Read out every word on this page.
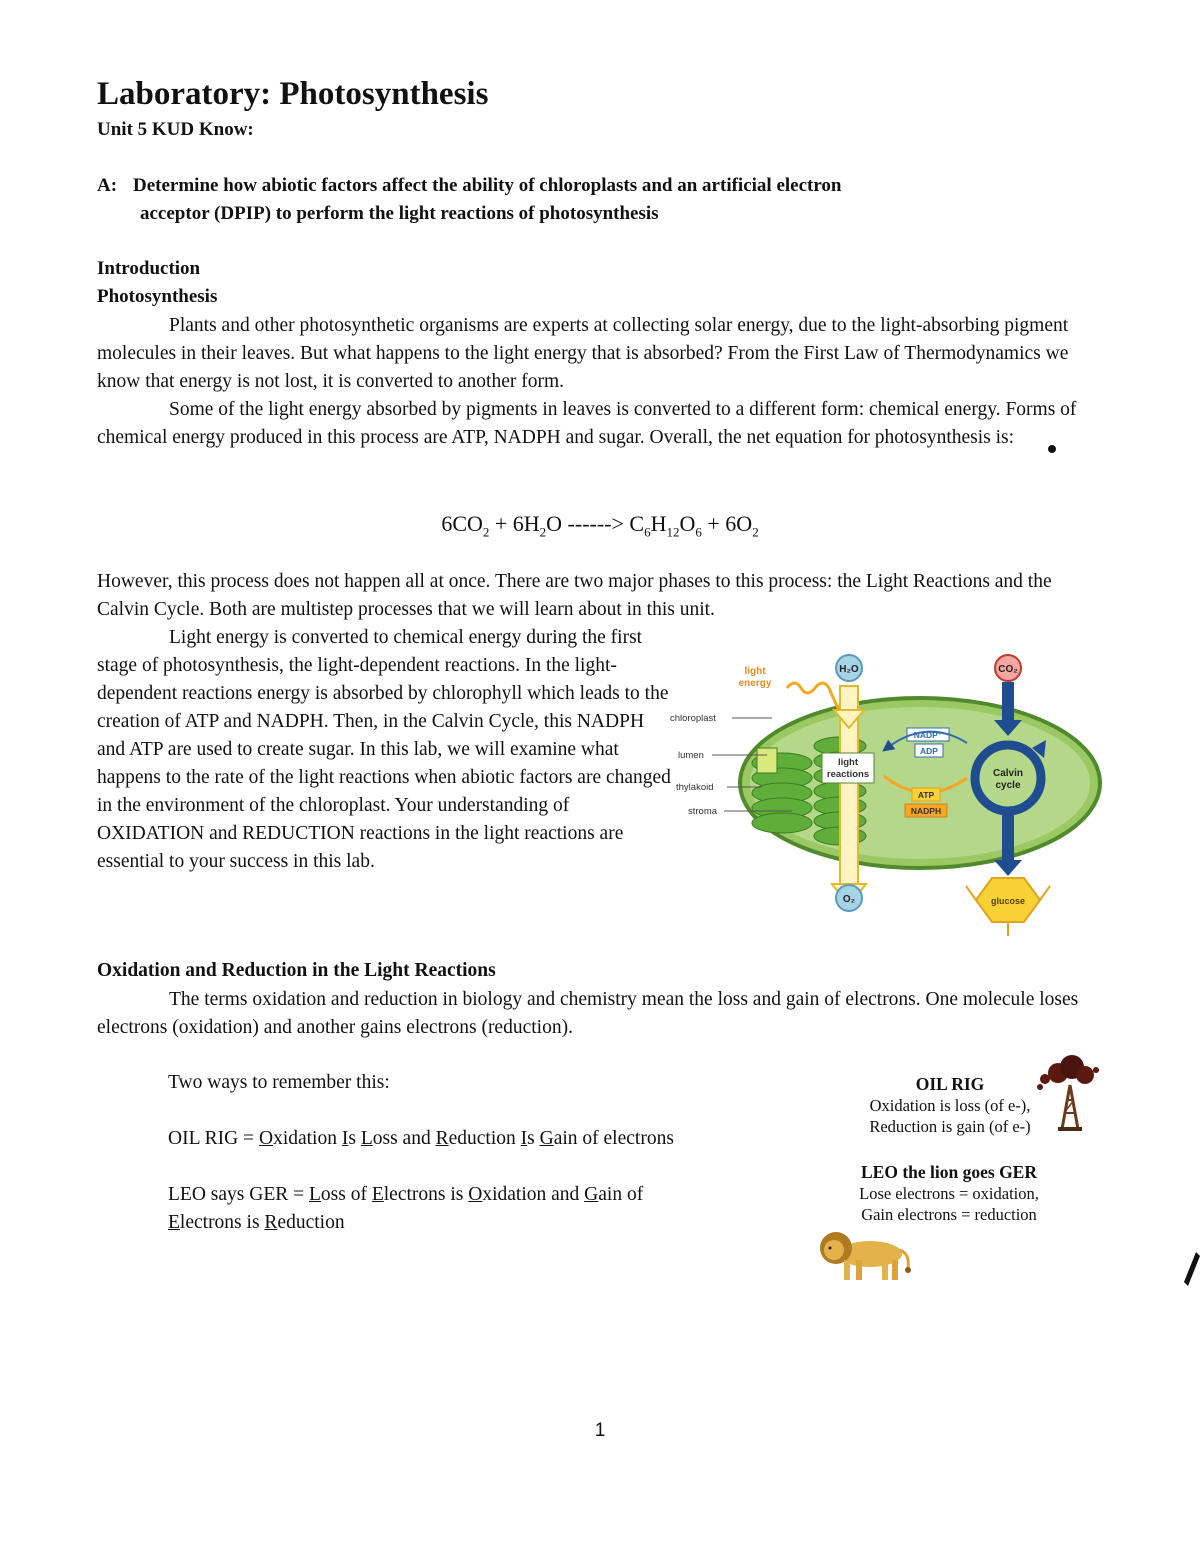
Laboratory: Photosynthesis
Unit 5 KUD Know:
A: Determine how abiotic factors affect the ability of chloroplasts and an artificial electron
acceptor (DPIP) to perform the light reactions of photosynthesis
Introduction
Photosynthesis

Plants and other photosynthetic organisms are experts at collecting solar energy, due to the light-absorbing pigment molecules in their leaves. But what happens to the light energy that is absorbed? From the First Law of Thermodynamics we know that energy is not lost, it is converted to another form.

Some of the light energy absorbed by pigments in leaves is converted to a different form: chemical energy. Forms of chemical energy produced in this process are ATP, NADPH and sugar. Overall, the net equation for photosynthesis is:

$6CO_2 + 6H_2O$ ------> $C_6H_{12}O_6 + 6O_2$

However, this process does not happen all at once. There are two major phases to this process: the Light Reactions and the Calvin Cycle. Both are multistep processes that we will learn about in this unit.

Light energy is converted to chemical energy during the first stage of photosynthesis, the light-dependent reactions. In the light-dependent reactions energy is absorbed by chlorophyll which leads to the creation of ATP and NADPH. Then, in the Calvin Cycle, this NADPH and ATP are used to create sugar. In this lab, we will examine what happens to the rate of the light reactions when abiotic factors are changed in the environment of the chloroplast. Your understanding of OXIDATION and REDUCTION reactions in the light reactions are essential to your success in this lab.

light
reactions
H₂O
O₂
CO₂
Calvin
cycle
glucose
NADP⁺
ADP
ATP
NADPH
light
energy
chloroplast
lumen
thylakoid
stroma
Oxidation and Reduction in the Light Reactions

The terms oxidation and reduction in biology and chemistry mean the loss and gain of electrons. One molecule loses electrons (oxidation) and another gains electrons (reduction).

Two ways to remember this:
OIL RIG = Oxidation Is Loss and Reduction Is Gain of electrons
LEO says GER = Loss of Electrons is Oxidation and Gain of
Electrons is Reduction
OIL RIG
Oxidation is loss (of e-),
Reduction is gain (of e-)
LEO the lion goes GER
Lose electrons = oxidation,
Gain electrons = reduction
1
